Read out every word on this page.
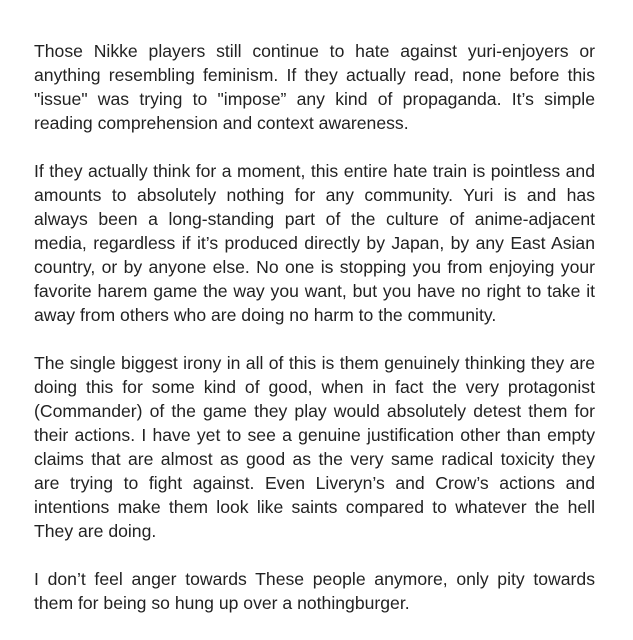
Those Nikke players still continue to hate against yuri-enjoyers or anything resembling feminism. If they actually read, none before this "issue" was trying to "impose” any kind of propaganda. It’s simple reading comprehension and context awareness.

If they actually think for a moment, this entire hate train is pointless and amounts to absolutely nothing for any community. Yuri is and has always been a long-standing part of the culture of anime-adjacent media, regardless if it’s produced directly by Japan, by any East Asian country, or by anyone else. No one is stopping you from enjoying your favorite harem game the way you want, but you have no right to take it away from others who are doing no harm to the community.

The single biggest irony in all of this is them genuinely thinking they are doing this for some kind of good, when in fact the very protagonist (Commander) of the game they play would absolutely detest them for their actions. I have yet to see a genuine justification other than empty claims that are almost as good as the very same radical toxicity they are trying to fight against. Even Liveryn’s and Crow’s actions and intentions make them look like saints compared to whatever the hell They are doing.

I don’t feel anger towards These people anymore, only pity towards them for being so hung up over a nothingburger.
